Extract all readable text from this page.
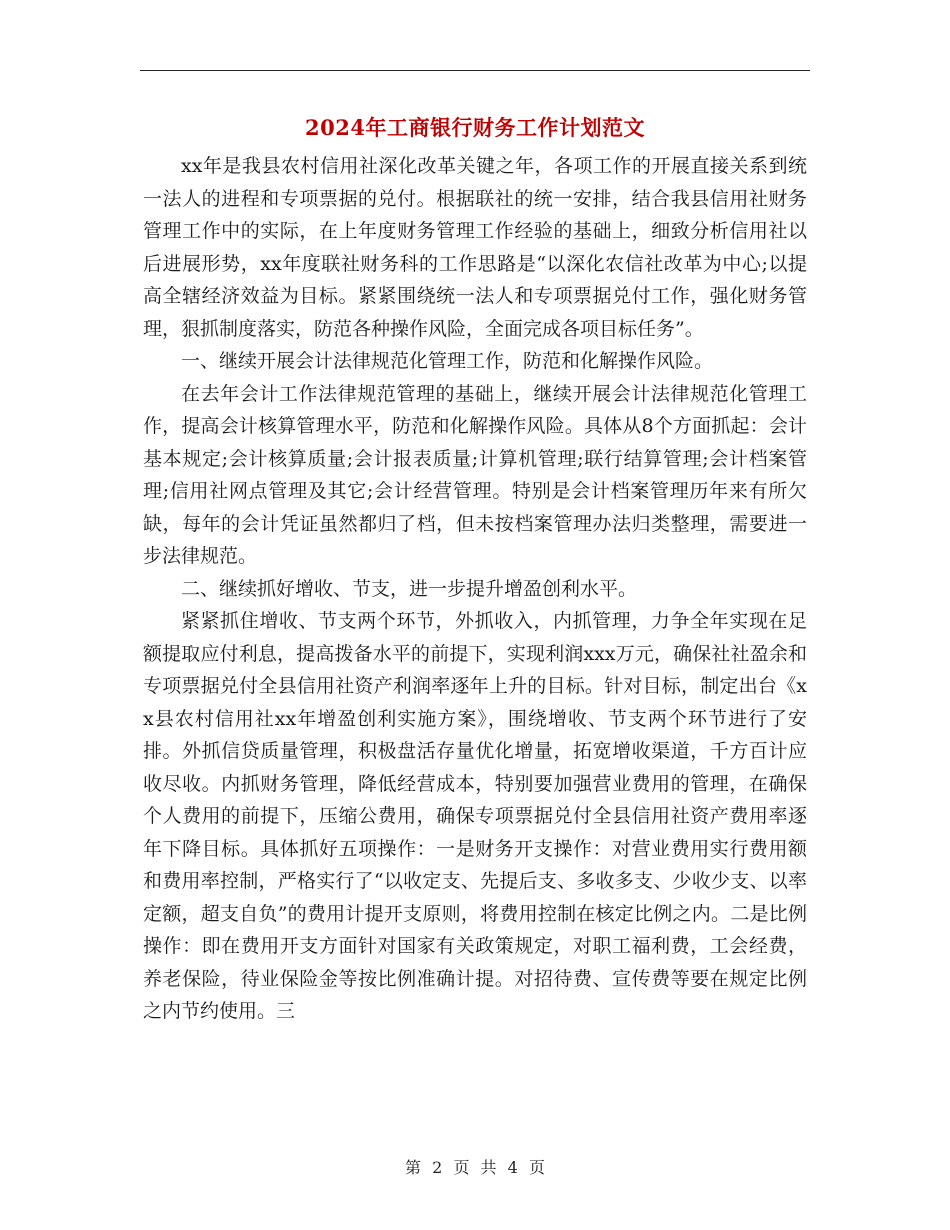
2024年工商银行财务工作计划范文

xx年是我县农村信用社深化改革关键之年，各项工作的开展直接关系到统一法人的进程和专项票据的兑付。根据联社的统一安排，结合我县信用社财务管理工作中的实际，在上年度财务管理工作经验的基础上，细致分析信用社以后进展形势，xx年度联社财务科的工作思路是“以深化农信社改革为中心;以提高全辖经济效益为目标。紧紧围绕统一法人和专项票据兑付工作，强化财务管理，狠抓制度落实，防范各种操作风险，全面完成各项目标任务”。

一、继续开展会计法律规范化管理工作，防范和化解操作风险。

在去年会计工作法律规范管理的基础上，继续开展会计法律规范化管理工作，提高会计核算管理水平，防范和化解操作风险。具体从8个方面抓起：会计基本规定;会计核算质量;会计报表质量;计算机管理;联行结算管理;会计档案管理;信用社网点管理及其它;会计经营管理。特别是会计档案管理历年来有所欠缺，每年的会计凭证虽然都归了档，但未按档案管理办法归类整理，需要进一步法律规范。

二、继续抓好增收、节支，进一步提升增盈创利水平。

紧紧抓住增收、节支两个环节，外抓收入，内抓管理，力争全年实现在足额提取应付利息，提高拨备水平的前提下，实现利润xxx万元，确保社社盈余和专项票据兑付全县信用社资产利润率逐年上升的目标。针对目标，制定出台《xx县农村信用社xx年增盈创利实施方案》，围绕增收、节支两个环节进行了安排。外抓信贷质量管理，积极盘活存量优化增量，拓宽增收渠道，千方百计应收尽收。内抓财务管理，降低经营成本，特别要加强营业费用的管理，在确保个人费用的前提下，压缩公费用，确保专项票据兑付全县信用社资产费用率逐年下降目标。具体抓好五项操作：一是财务开支操作：对营业费用实行费用额和费用率控制，严格实行了“以收定支、先提后支、多收多支、少收少支、以率定额，超支自负”的费用计提开支原则，将费用控制在核定比例之内。二是比例操作：即在费用开支方面针对国家有关政策规定，对职工福利费，工会经费，养老保险，待业保险金等按比例准确计提。对招待费、宣传费等要在规定比例之内节约使用。三

第 2 页 共 4 页
